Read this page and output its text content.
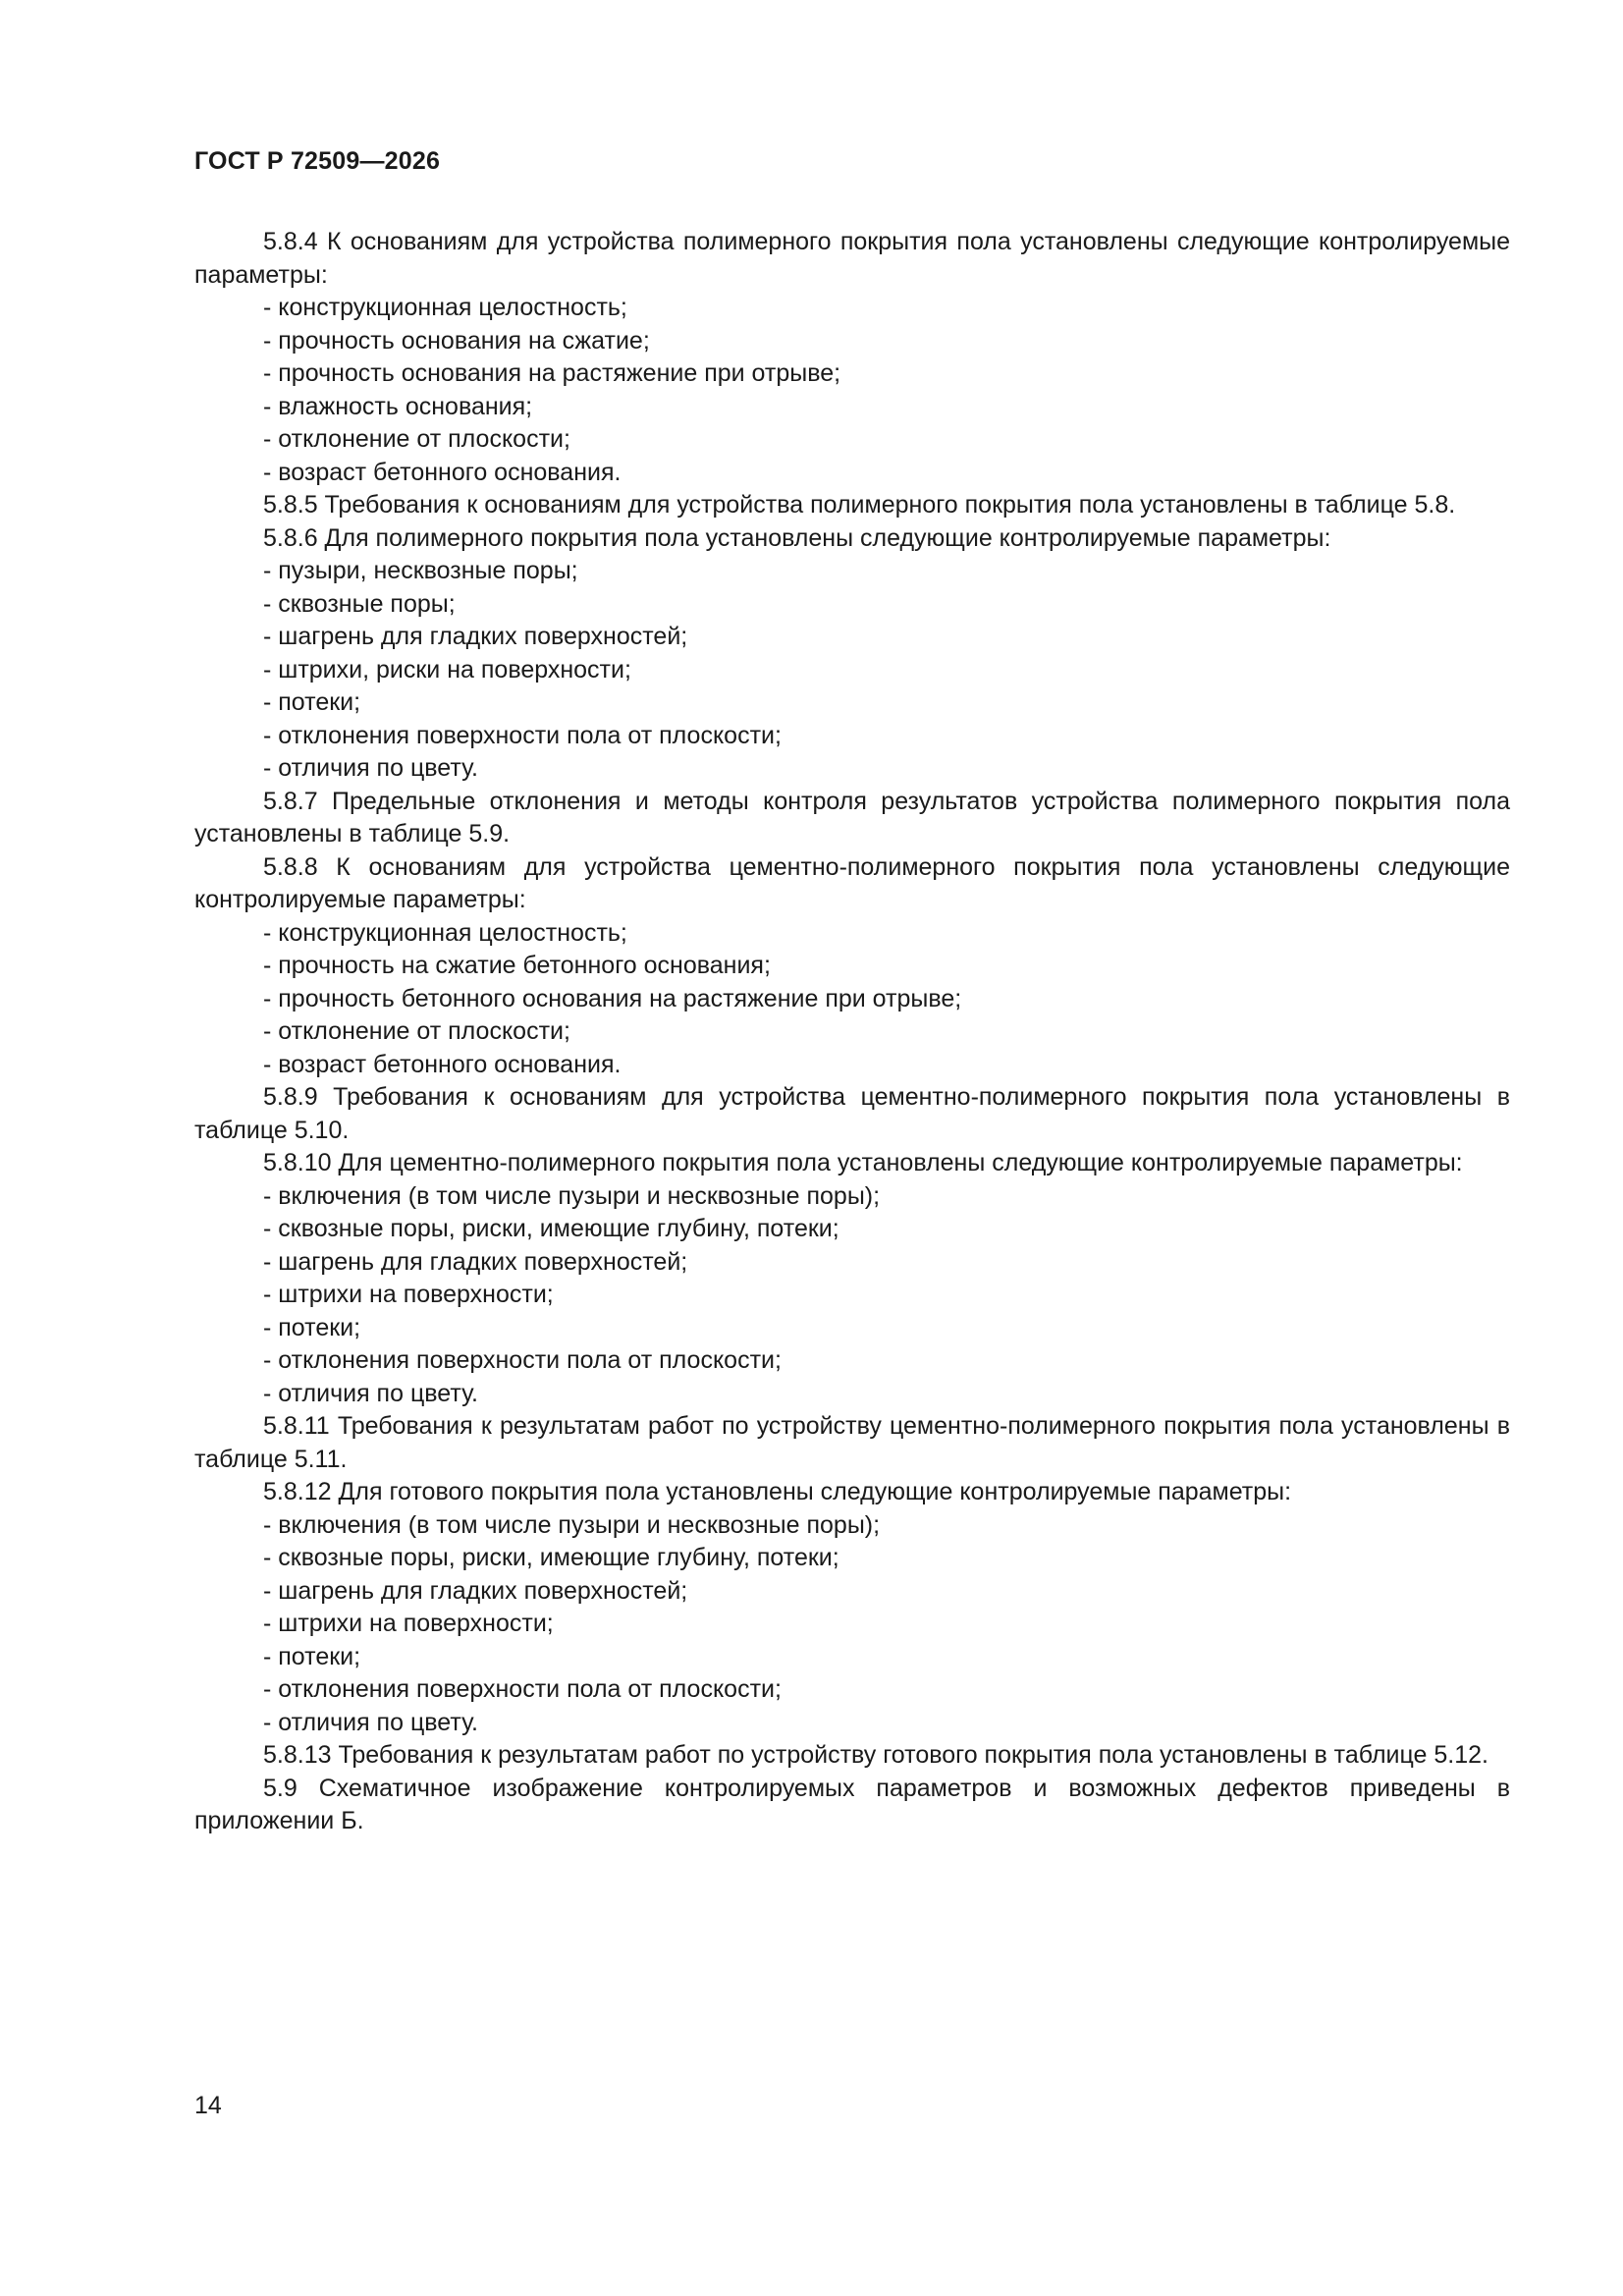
ГОСТ Р 72509—2026

5.8.4 К основаниям для устройства полимерного покрытия пола установлены следующие контролируемые параметры:

- конструкционная целостность;

- прочность основания на сжатие;

- прочность основания на растяжение при отрыве;

- влажность основания;

- отклонение от плоскости;

- возраст бетонного основания.

5.8.5 Требования к основаниям для устройства полимерного покрытия пола установлены в таблице 5.8.

5.8.6 Для полимерного покрытия пола установлены следующие контролируемые параметры:

- пузыри, несквозные поры;

- сквозные поры;

- шагрень для гладких поверхностей;

- штрихи, риски на поверхности;

- потеки;

- отклонения поверхности пола от плоскости;

- отличия по цвету.

5.8.7 Предельные отклонения и методы контроля результатов устройства полимерного покрытия пола установлены в таблице 5.9.

5.8.8 К основаниям для устройства цементно-полимерного покрытия пола установлены следующие контролируемые параметры:

- конструкционная целостность;

- прочность на сжатие бетонного основания;

- прочность бетонного основания на растяжение при отрыве;

- отклонение от плоскости;

- возраст бетонного основания.

5.8.9 Требования к основаниям для устройства цементно-полимерного покрытия пола установлены в таблице 5.10.

5.8.10 Для цементно-полимерного покрытия пола установлены следующие контролируемые параметры:

- включения (в том числе пузыри и несквозные поры);

- сквозные поры, риски, имеющие глубину, потеки;

- шагрень для гладких поверхностей;

- штрихи на поверхности;

- потеки;

- отклонения поверхности пола от плоскости;

- отличия по цвету.

5.8.11 Требования к результатам работ по устройству цементно-полимерного покрытия пола установлены в таблице 5.11.

5.8.12 Для готового покрытия пола установлены следующие контролируемые параметры:

- включения (в том числе пузыри и несквозные поры);

- сквозные поры, риски, имеющие глубину, потеки;

- шагрень для гладких поверхностей;

- штрихи на поверхности;

- потеки;

- отклонения поверхности пола от плоскости;

- отличия по цвету.

5.8.13 Требования к результатам работ по устройству готового покрытия пола установлены в таблице 5.12.

5.9 Схематичное изображение контролируемых параметров и возможных дефектов приведены в приложении Б.

14
